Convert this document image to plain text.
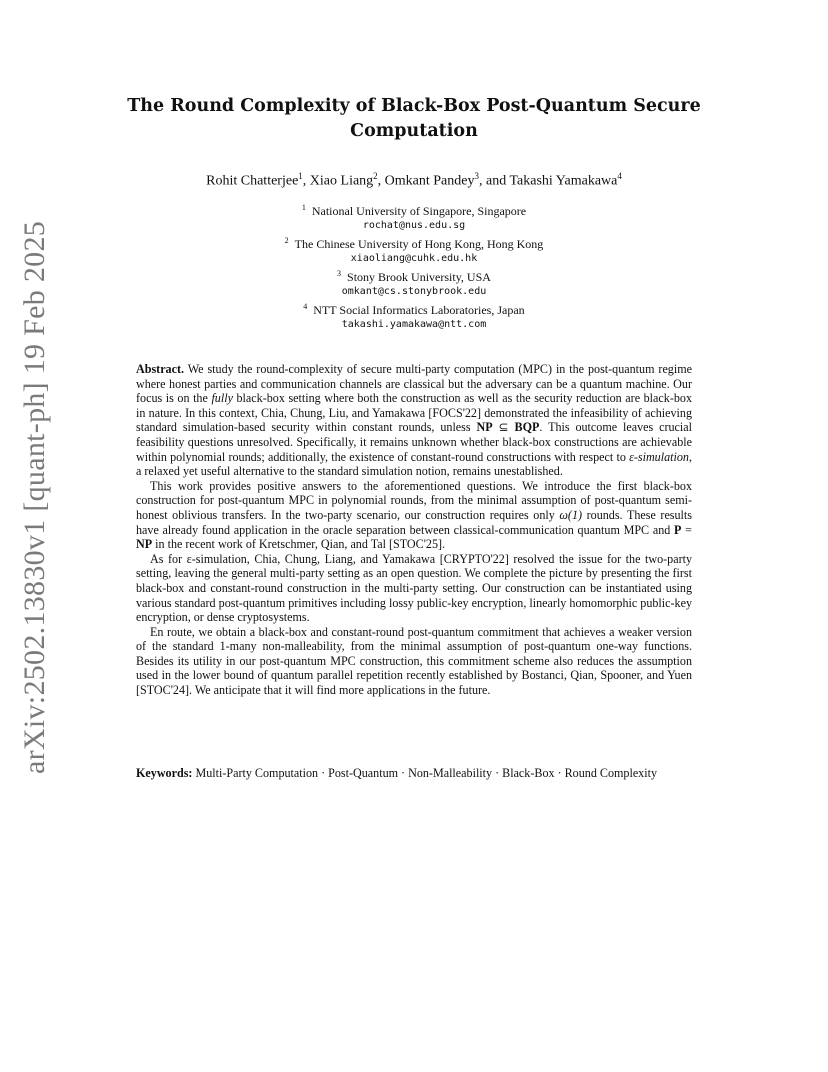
arXiv:2502.13830v1 [quant-ph] 19 Feb 2025
The Round Complexity of Black-Box Post-Quantum Secure Computation
Rohit Chatterjee$^1$, Xiao Liang$^2$, Omkant Pandey$^3$, and Takashi Yamakawa$^4$
$^1$ National University of Singapore, Singapore
rochat@nus.edu.sg
$^2$ The Chinese University of Hong Kong, Hong Kong
xiaoliang@cuhk.edu.hk
$^3$ Stony Brook University, USA
omkant@cs.stonybrook.edu
$^4$ NTT Social Informatics Laboratories, Japan
takashi.yamakawa@ntt.com

Abstract. We study the round-complexity of secure multi-party computation (MPC) in the post-quantum regime where honest parties and communication channels are classical but the adversary can be a quantum machine. Our focus is on the fully black-box setting where both the construction as well as the security reduction are black-box in nature. In this context, Chia, Chung, Liu, and Yamakawa [FOCS'22] demonstrated the infeasibility of achieving standard simulation-based security within constant rounds, unless NP ⊆ BQP. This outcome leaves crucial feasibility questions unresolved. Specifically, it remains unknown whether black-box constructions are achievable within polynomial rounds; additionally, the existence of constant-round constructions with respect to ε-simulation, a relaxed yet useful alternative to the standard simulation notion, remains unestablished.

This work provides positive answers to the aforementioned questions. We introduce the first black-box construction for post-quantum MPC in polynomial rounds, from the minimal assumption of post-quantum semi-honest oblivious transfers. In the two-party scenario, our construction requires only ω(1) rounds. These results have already found application in the oracle separation between classical-communication quantum MPC and P = NP in the recent work of Kretschmer, Qian, and Tal [STOC'25].

As for ε-simulation, Chia, Chung, Liang, and Yamakawa [CRYPTO'22] resolved the issue for the two-party setting, leaving the general multi-party setting as an open question. We complete the picture by presenting the first black-box and constant-round construction in the multi-party setting. Our construction can be instantiated using various standard post-quantum primitives including lossy public-key encryption, linearly homomorphic public-key encryption, or dense cryptosystems.

En route, we obtain a black-box and constant-round post-quantum commitment that achieves a weaker version of the standard 1-many non-malleability, from the minimal assumption of post-quantum one-way functions. Besides its utility in our post-quantum MPC construction, this commitment scheme also reduces the assumption used in the lower bound of quantum parallel repetition recently established by Bostanci, Qian, Spooner, and Yuen [STOC'24]. We anticipate that it will find more applications in the future.

Keywords: Multi-Party Computation · Post-Quantum · Non-Malleability · Black-Box · Round Complexity
